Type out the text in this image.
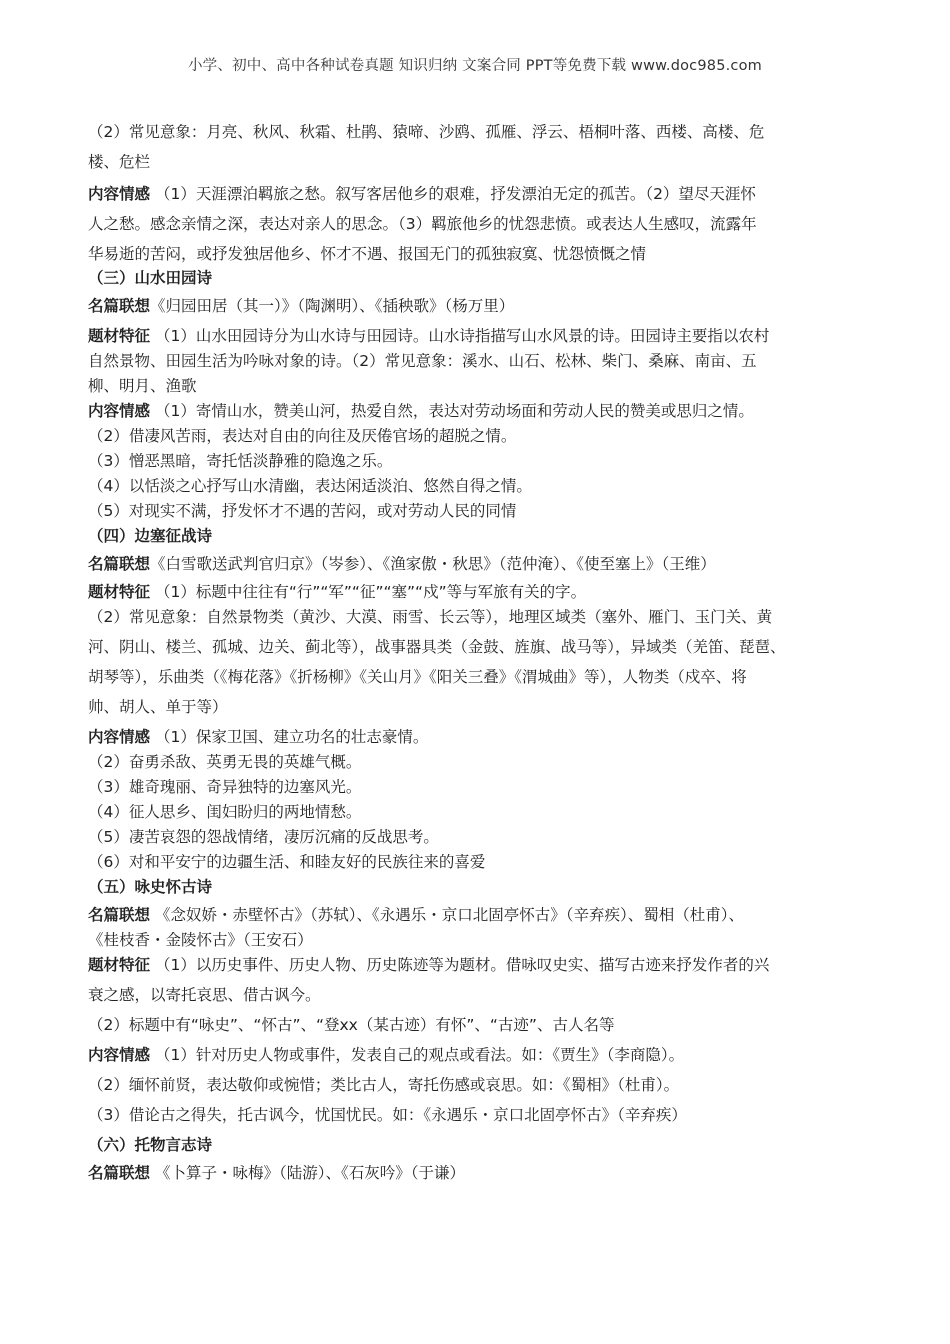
小学、初中、高中各种试卷真题 知识归纳 文案合同 PPT等免费下载 www.doc985.com
（2）常见意象：月亮、秋风、秋霜、杜鹃、猿啼、沙鸥、孤雁、浮云、梧桐叶落、西楼、高楼、危
楼、危栏
内容情感 （1）天涯漂泊羁旅之愁。叙写客居他乡的艰难，抒发漂泊无定的孤苦。（2）望尽天涯怀
人之愁。感念亲情之深，表达对亲人的思念。（3）羁旅他乡的忧怨悲愤。或表达人生感叹，流露年
华易逝的苦闷，或抒发独居他乡、怀才不遇、报国无门的孤独寂寞、忧怨愤慨之情
（三）山水田园诗
名篇联想《归园田居（其一）》（陶渊明）、《插秧歌》（杨万里）
题材特征 （1）山水田园诗分为山水诗与田园诗。山水诗指描写山水风景的诗。田园诗主要指以农村
自然景物、田园生活为吟咏对象的诗。（2）常见意象：溪水、山石、松林、柴门、桑麻、南亩、五
柳、明月、渔歌
内容情感 （1）寄情山水，赞美山河，热爱自然，表达对劳动场面和劳动人民的赞美或思归之情。
（2）借凄风苦雨，表达对自由的向往及厌倦官场的超脱之情。
（3）憎恶黑暗，寄托恬淡静雅的隐逸之乐。
（4）以恬淡之心抒写山水清幽，表达闲适淡泊、悠然自得之情。
（5）对现实不满，抒发怀才不遇的苦闷，或对劳动人民的同情
（四）边塞征战诗
名篇联想《白雪歌送武判官归京》（岑参）、《渔家傲・秋思》（范仲淹）、《使至塞上》（王维）
题材特征 （1）标题中往往有“行”“军”“征”“塞”“戍”等与军旅有关的字。
（2）常见意象：自然景物类（黄沙、大漠、雨雪、长云等），地理区域类（塞外、雁门、玉门关、黄
河、阴山、楼兰、孤城、边关、蓟北等），战事器具类（金鼓、旌旗、战马等），异域类（羌笛、琵琶、
胡琴等），乐曲类（《梅花落》《折杨柳》《关山月》《阳关三叠》《渭城曲》等），人物类（戍卒、将
帅、胡人、单于等）
内容情感 （1）保家卫国、建立功名的壮志豪情。
（2）奋勇杀敌、英勇无畏的英雄气概。
（3）雄奇瑰丽、奇异独特的边塞风光。
（4）征人思乡、闺妇盼归的两地情愁。
（5）凄苦哀怨的怨战情绪，凄厉沉痛的反战思考。
（6）对和平安宁的边疆生活、和睦友好的民族往来的喜爱
（五）咏史怀古诗
名篇联想 《念奴娇・赤壁怀古》（苏轼）、《永遇乐・京口北固亭怀古》（辛弃疾）、蜀相（杜甫）、
《桂枝香・金陵怀古》（王安石）
题材特征 （1）以历史事件、历史人物、历史陈迹等为题材。借咏叹史实、描写古迹来抒发作者的兴
衰之感，以寄托哀思、借古讽今。
（2）标题中有“咏史”、“怀古”、“登xx（某古迹）有怀”、“古迹”、古人名等
内容情感 （1）针对历史人物或事件，发表自己的观点或看法。如：《贾生》（李商隐）。
（2）缅怀前贤，表达敬仰或惋惜；类比古人，寄托伤感或哀思。如：《蜀相》（杜甫）。
（3）借论古之得失，托古讽今，忧国忧民。如：《永遇乐・京口北固亭怀古》（辛弃疾）
（六）托物言志诗
名篇联想 《卜算子・咏梅》（陆游）、《石灰吟》（于谦）
